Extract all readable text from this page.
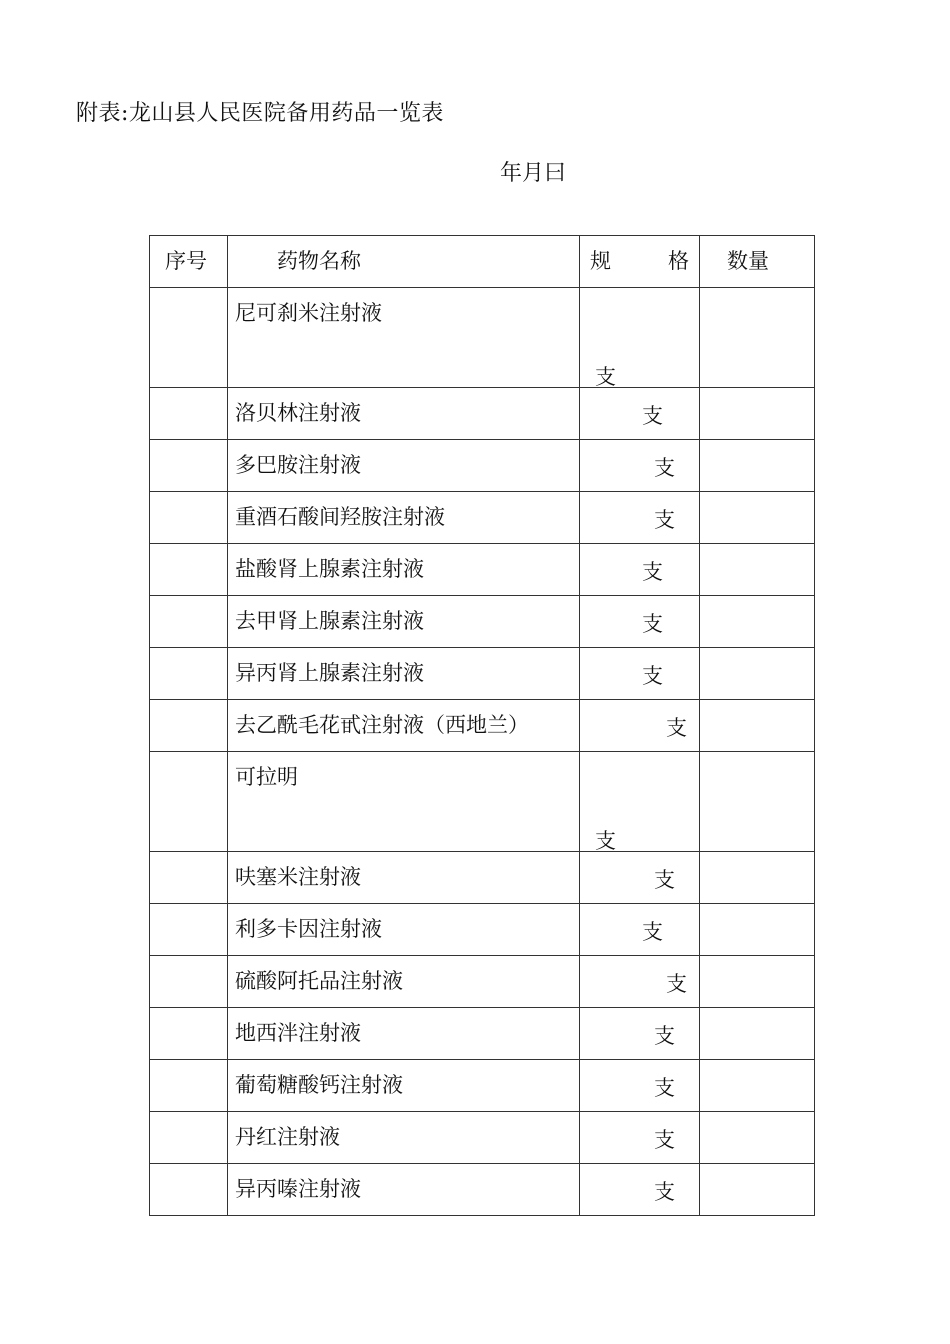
附表:龙山县人民医院备用药品一览表
年月曰
序号	药物名称	规 格	数量

	尼可刹米注射液	支	

	洛贝林注射液	支	

	多巴胺注射液	支	

	重酒石酸间羟胺注射液	支	

	盐酸肾上腺素注射液	支	

	去甲肾上腺素注射液	支	

	异丙肾上腺素注射液	支	

	去乙酰毛花甙注射液（西地兰）	支	

	可拉明	支	

	呋塞米注射液	支	

	利多卡因注射液	支	

	硫酸阿托品注射液	支	

	地西泮注射液	支	

	葡萄糖酸钙注射液	支	

	丹红注射液	支	

	异丙嗪注射液	支	
